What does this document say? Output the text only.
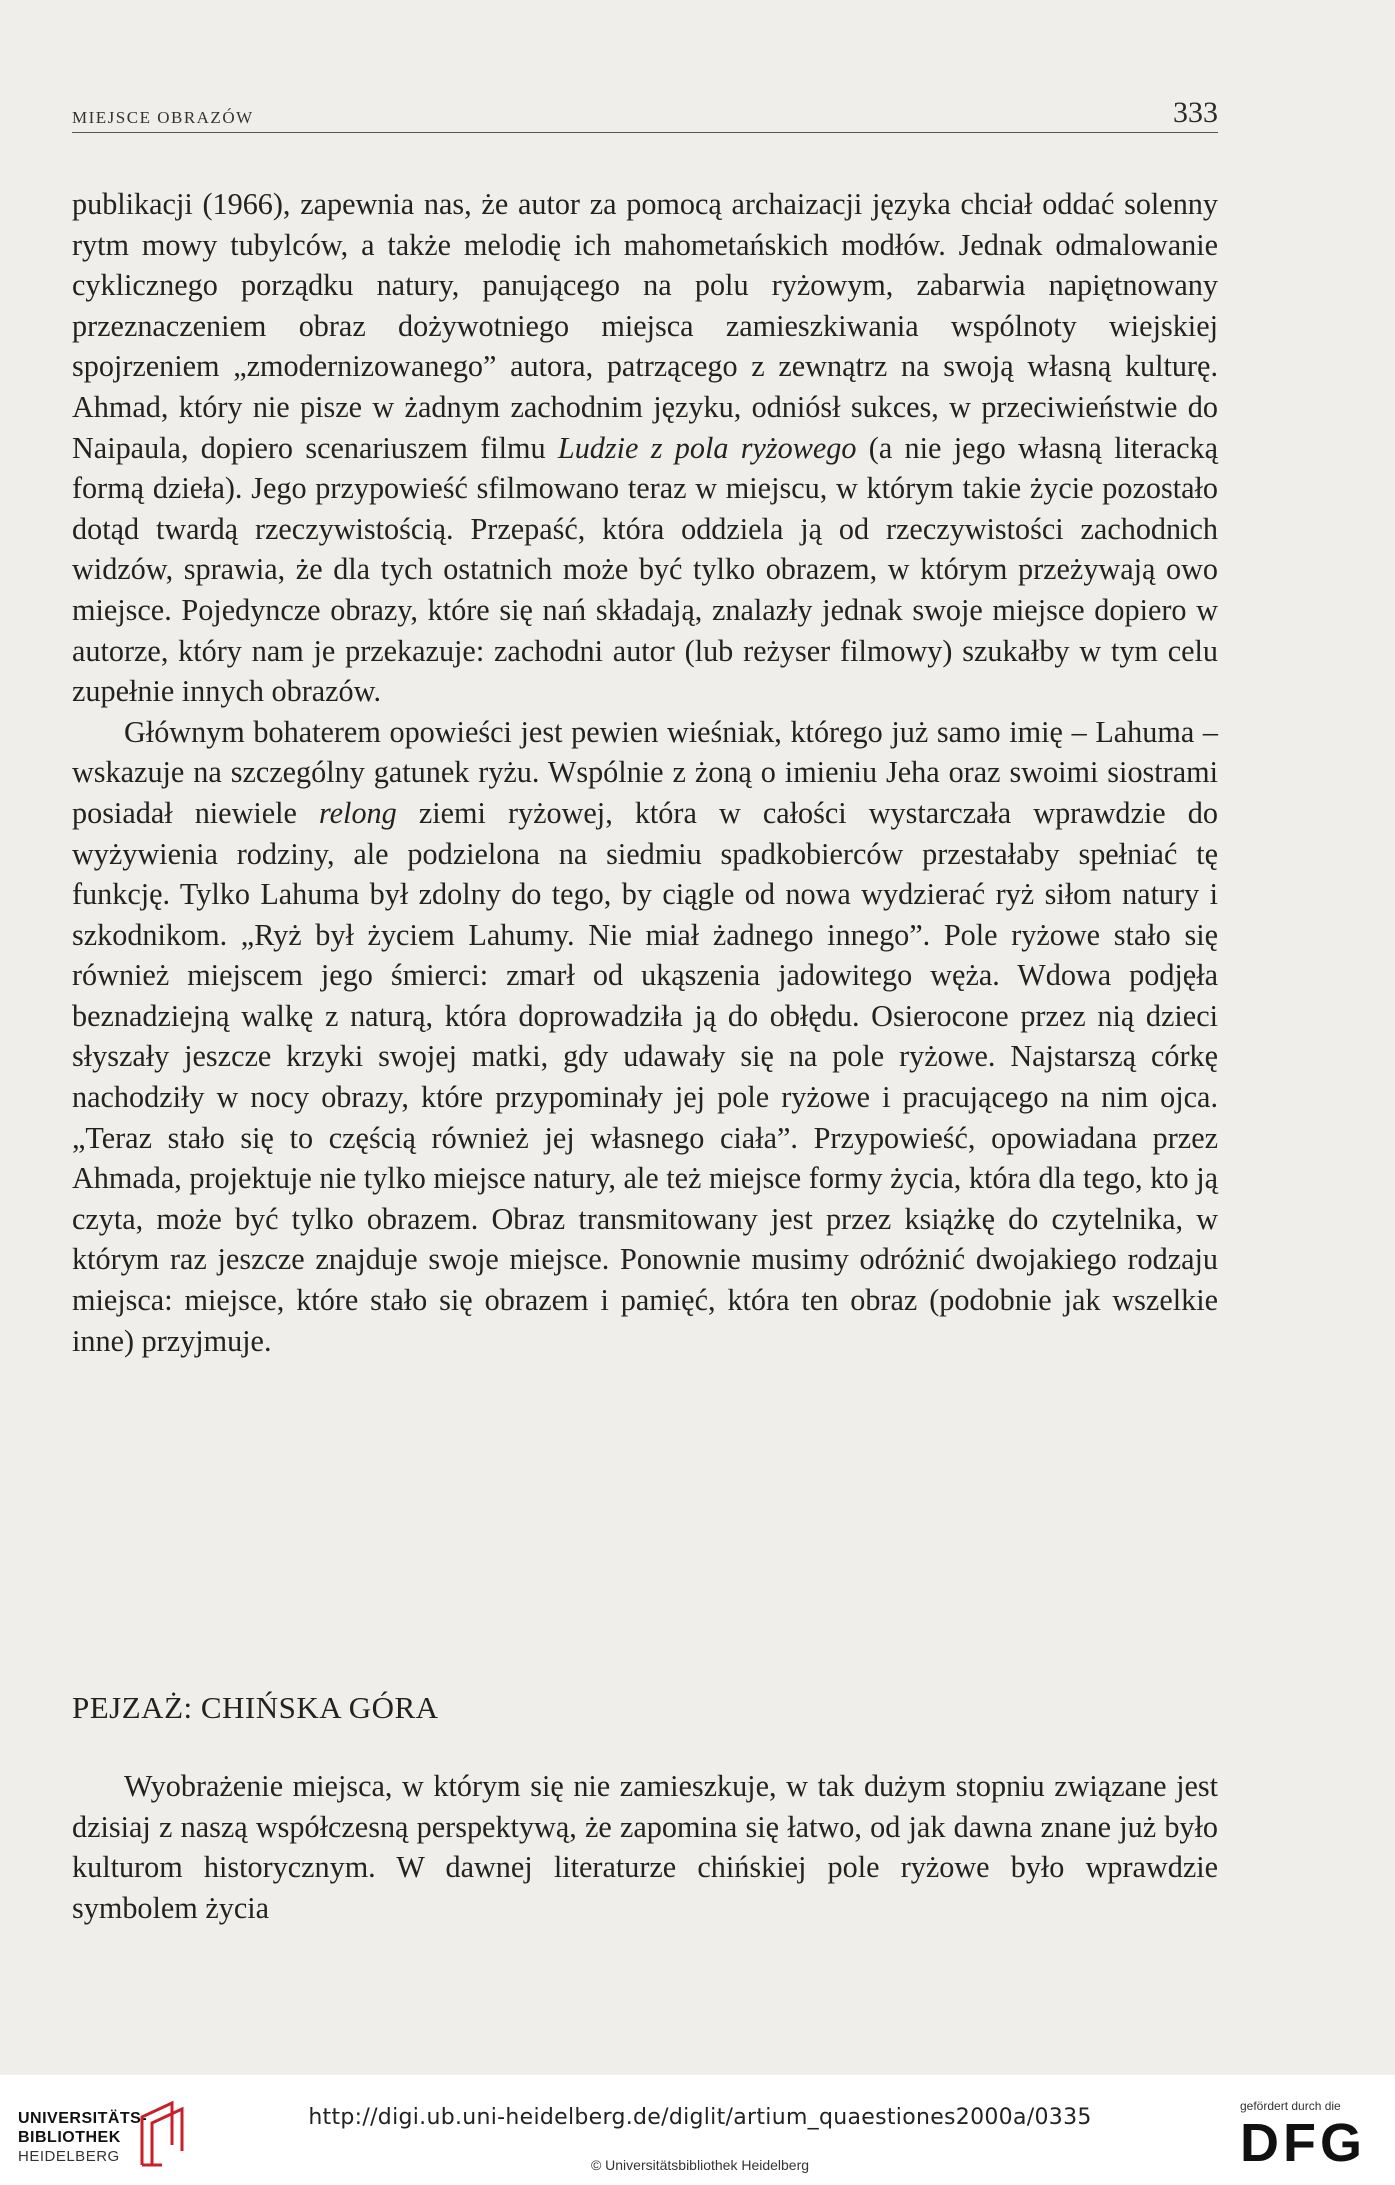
MIEJSCE OBRAZÓW	333

publikacji (1966), zapewnia nas, że autor za pomocą archaizacji języka chciał oddać solenny rytm mowy tubylców, a także melodię ich mahometańskich modłów. Jednak odmalowanie cyklicznego porządku natury, panującego na polu ryżowym, zabarwia napiętnowany przeznaczeniem obraz dożywotniego miejsca zamieszkiwania wspólnoty wiejskiej spojrzeniem „zmodernizowanego” autora, patrzącego z zewnątrz na swoją własną kulturę. Ahmad, który nie pisze w żadnym zachodnim języku, odniósł sukces, w przeciwieństwie do Naipaula, dopiero scenariuszem filmu Ludzie z pola ryżowego (a nie jego własną literacką formą dzieła). Jego przypowieść sfilmowano teraz w miejscu, w którym takie życie pozostało dotąd twardą rzeczywistością. Przepaść, która oddziela ją od rzeczywistości zachodnich widzów, sprawia, że dla tych ostatnich może być tylko obrazem, w którym przeżywają owo miejsce. Pojedyncze obrazy, które się nań składają, znalazły jednak swoje miejsce dopiero w autorze, który nam je przekazuje: zachodni autor (lub reżyser filmowy) szukałby w tym celu zupełnie innych obrazów.

Głównym bohaterem opowieści jest pewien wieśniak, którego już samo imię – Lahuma – wskazuje na szczególny gatunek ryżu. Wspólnie z żoną o imieniu Jeha oraz swoimi siostrami posiadał niewiele relong ziemi ryżowej, która w całości wystarczała wprawdzie do wyżywienia rodziny, ale podzielona na siedmiu spadkobierców przestałaby spełniać tę funkcję. Tylko Lahuma był zdolny do tego, by ciągle od nowa wydzierać ryż siłom natury i szkodnikom. „Ryż był życiem Lahumy. Nie miał żadnego innego”. Pole ryżowe stało się również miejscem jego śmierci: zmarł od ukąszenia jadowitego węża. Wdowa podjęła beznadziejną walkę z naturą, która doprowadziła ją do obłędu. Osierocone przez nią dzieci słyszały jeszcze krzyki swojej matki, gdy udawały się na pole ryżowe. Najstarszą córkę nachodziły w nocy obrazy, które przypominały jej pole ryżowe i pracującego na nim ojca. „Teraz stało się to częścią również jej własnego ciała”. Przypowieść, opowiadana przez Ahmada, projektuje nie tylko miejsce natury, ale też miejsce formy życia, która dla tego, kto ją czyta, może być tylko obrazem. Obraz transmitowany jest przez książkę do czytelnika, w którym raz jeszcze znajduje swoje miejsce. Ponownie musimy odróżnić dwojakiego rodzaju miejsca: miejsce, które stało się obrazem i pamięć, która ten obraz (podobnie jak wszelkie inne) przyjmuje.

PEJZAŻ: CHIŃSKA GÓRA

Wyobrażenie miejsca, w którym się nie zamieszkuje, w tak dużym stopniu związane jest dzisiaj z naszą współczesną perspektywą, że zapomina się łatwo, od jak dawna znane już było kulturom historycznym. W dawnej literaturze chińskiej pole ryżowe było wprawdzie symbolem życia

UNIVERSITÄTS-
BIBLIOTHEK
HEIDELBERG
http://digi.ub.uni-heidelberg.de/diglit/artium_quaestiones2000a/0335
© Universitätsbibliothek Heidelberg
gefördert durch die
DFG
